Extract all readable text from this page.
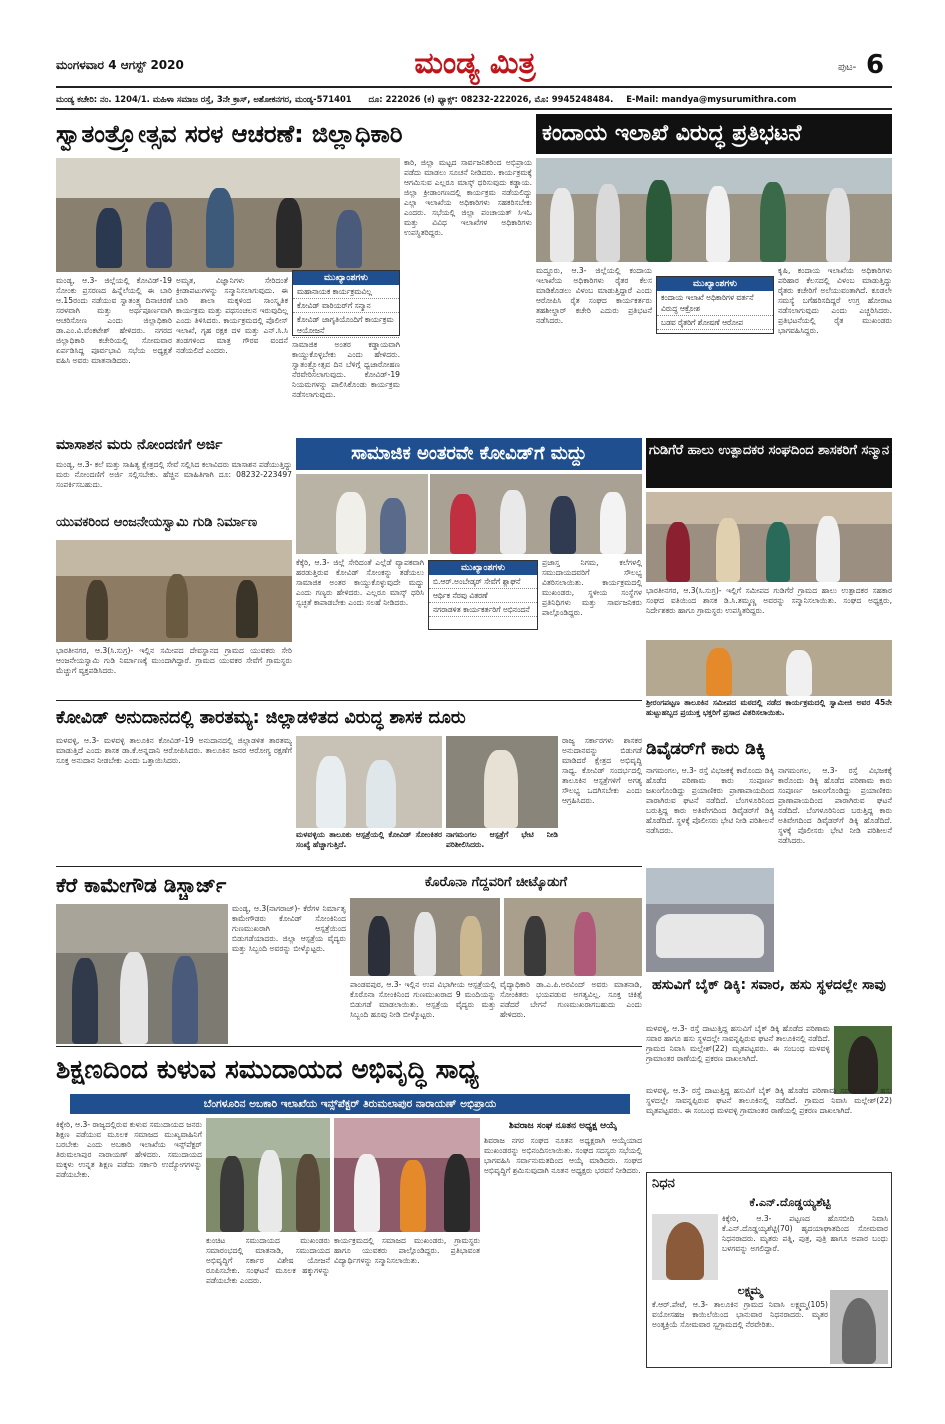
ಮಂಗಳವಾರ 4 ಆಗಸ್ಟ್ 2020	ಮಂಡ್ಯ ಮಿತ್ರ	ಪುಟ- 6
ಮಂಡ್ಯ ಕಚೇರಿ: ನಂ. 1204/1. ಮಹಿಳಾ ಸಮಾಜ ರಸ್ತೆ, 3ನೇ ಕ್ರಾಸ್, ಅಶೋಕನಗರ, ಮಂಡ್ಯ-571401 ದೂ: 222026 (ಕ) ಫ್ಯಾಕ್ಸ್: 08232-222026, ಮೊ: 9945248484. E-Mail: mandya@mysurumithra.com
ಸ್ವಾತಂತ್ರ್ಯೋತ್ಸವ ಸರಳ ಆಚರಣೆ: ಜಿಲ್ಲಾಧಿಕಾರಿ
ಮಂಡ್ಯ, ಆ.3- ಜಿಲ್ಲೆಯಲ್ಲಿ ಕೋವಿಡ್-19 ಸೋಂಕು ಪ್ರಸರಣದ ಹಿನ್ನೆಲೆಯಲ್ಲಿ ಈ ಬಾರಿ ಆ.15ರಂದು ನಡೆಯುವ ಸ್ವಾತಂತ್ರ್ಯ ದಿನಾಚರಣೆ ಸರಳವಾಗಿ ಮತ್ತು ಅರ್ಥಪೂರ್ಣವಾಗಿ ಆಚರಿಸೋಣ ಎಂದು ಜಿಲ್ಲಾಧಿಕಾರಿ ಡಾ.ಎಂ.ವಿ.ವೆಂಕಟೇಶ್ ಹೇಳಿದರು. ನಗರದ ಜಿಲ್ಲಾಧಿಕಾರಿ ಕಚೇರಿಯಲ್ಲಿ ಸೋಮವಾರ ಏರ್ಪಡಿಸಿದ್ದ ಪೂರ್ವಭಾವಿ ಸಭೆಯ ಅಧ್ಯಕ್ಷತೆ ವಹಿಸಿ ಅವರು ಮಾತನಾಡಿದರು.
ಅಮೃತ, ವಿಜ್ಞಾನಿಗಳು ಸೇರಿದಂತೆ ಕ್ರೀಡಾಪಟುಗಳನ್ನು ಸನ್ಮಾನಿಸಲಾಗುವುದು. ಈ ಬಾರಿ ಶಾಲಾ ಮಕ್ಕಳಿಂದ ಸಾಂಸ್ಕೃತಿಕ ಕಾರ್ಯಕ್ರಮ ಮತ್ತು ಪಥಸಂಚಲನ ಇರುವುದಿಲ್ಲ ಎಂದು ತಿಳಿಸಿದರು. ಕಾರ್ಯಕ್ರಮದಲ್ಲಿ ಪೊಲೀಸ್ ಇಲಾಖೆ, ಗೃಹ ರಕ್ಷಕ ದಳ ಮತ್ತು ಎನ್.ಸಿ.ಸಿ ತಂಡಗಳಿಂದ ಮಾತ್ರ ಗೌರವ ವಂದನೆ ನಡೆಯಲಿದೆ ಎಂದರು.
ಮುಖ್ಯಾಂಶಗಳು
ಮಹಾನಾಯಕ ಕಾರ್ಯಕ್ರಮವಿಲ್ಲ
ಕೋವಿಡ್ ವಾರಿಯರ್‌ಗೆ ಸನ್ಮಾನ
ಕೋವಿಡ್ ಜಾಗೃತಿಯೊಂದಿಗೆ ಕಾರ್ಯಕ್ರಮ ಆಯೋಜನೆ
ಸಾಮಾಜಿಕ ಅಂತರ ಕಡ್ಡಾಯವಾಗಿ ಕಾಯ್ದುಕೊಳ್ಳಬೇಕು ಎಂದು ಹೇಳಿದರು. ಸ್ವಾತಂತ್ರ್ಯೋತ್ಸವ ದಿನ ಬೆಳಿಗ್ಗೆ ಧ್ವಜಾರೋಹಣ ನೆರವೇರಿಸಲಾಗುವುದು. ಕೋವಿಡ್-19 ನಿಯಮಗಳನ್ನು ಪಾಲಿಸಿಕೊಂಡು ಕಾರ್ಯಕ್ರಮ ನಡೆಸಲಾಗುವುದು.
ಕಾರಿ, ಜಿಲ್ಲಾ ಮಟ್ಟದ ಸಾರ್ವಜನಿಕರಿಂದ ಅಭಿಪ್ರಾಯ ಪಡೆದು ಮಾಡಲು ಸೂಚನೆ ನೀಡಿದರು. ಕಾರ್ಯಕ್ರಮಕ್ಕೆ ಆಗಮಿಸುವ ಎಲ್ಲರೂ ಮಾಸ್ಕ್ ಧರಿಸುವುದು ಕಡ್ಡಾಯ. ಜಿಲ್ಲಾ ಕ್ರೀಡಾಂಗಣದಲ್ಲಿ ಕಾರ್ಯಕ್ರಮ ನಡೆಯಲಿದ್ದು ಎಲ್ಲಾ ಇಲಾಖೆಯ ಅಧಿಕಾರಿಗಳು ಸಹಕರಿಸಬೇಕು ಎಂದರು. ಸಭೆಯಲ್ಲಿ ಜಿಲ್ಲಾ ಪಂಚಾಯತ್ ಸಿಇಓ ಮತ್ತು ವಿವಿಧ ಇಲಾಖೆಗಳ ಅಧಿಕಾರಿಗಳು ಉಪಸ್ಥಿತರಿದ್ದರು.
ಕಂದಾಯ ಇಲಾಖೆ ವಿರುದ್ಧ ಪ್ರತಿಭಟನೆ
ಮದ್ದೂರು, ಆ.3- ಜಿಲ್ಲೆಯಲ್ಲಿ ಕಂದಾಯ ಇಲಾಖೆಯ ಅಧಿಕಾರಿಗಳು ರೈತರ ಕೆಲಸ ಮಾಡಿಕೊಡಲು ವಿಳಂಬ ಮಾಡುತ್ತಿದ್ದಾರೆ ಎಂದು ಆರೋಪಿಸಿ ರೈತ ಸಂಘದ ಕಾರ್ಯಕರ್ತರು ತಹಶೀಲ್ದಾರ್ ಕಚೇರಿ ಎದುರು ಪ್ರತಿಭಟನೆ ನಡೆಸಿದರು.
ಮುಖ್ಯಾಂಶಗಳು
ಕಂದಾಯ ಇಲಾಖೆ ಅಧಿಕಾರಿಗಳ ವರ್ತನೆ ವಿರುದ್ಧ ಆಕ್ರೋಶ
ಬಡವ ರೈತರಿಗೆ ಶೋಷಣೆ ಆರೋಪ
ಕೃಷಿ, ಕಂದಾಯ ಇಲಾಖೆಯ ಅಧಿಕಾರಿಗಳು ಪರಿಹಾರ ಕೆಲಸದಲ್ಲಿ ವಿಳಂಬ ಮಾಡುತ್ತಿದ್ದು ರೈತರು ಕಚೇರಿಗೆ ಅಲೆಯುವಂತಾಗಿದೆ. ಕೂಡಲೇ ಸಮಸ್ಯೆ ಬಗೆಹರಿಸದಿದ್ದರೆ ಉಗ್ರ ಹೋರಾಟ ನಡೆಸಲಾಗುವುದು ಎಂದು ಎಚ್ಚರಿಸಿದರು. ಪ್ರತಿಭಟನೆಯಲ್ಲಿ ರೈತ ಮುಖಂಡರು ಭಾಗವಹಿಸಿದ್ದರು.
ಮಾಸಾಶನ ಮರು ನೋಂದಣಿಗೆ ಅರ್ಜಿ
ಮಂಡ್ಯ, ಆ.3- ಕಲೆ ಮತ್ತು ಸಾಹಿತ್ಯ ಕ್ಷೇತ್ರದಲ್ಲಿ ಸೇವೆ ಸಲ್ಲಿಸಿದ ಕಲಾವಿದರು ಮಾಸಾಶನ ಪಡೆಯುತ್ತಿದ್ದು ಮರು ನೋಂದಣಿಗೆ ಅರ್ಜಿ ಸಲ್ಲಿಸಬೇಕು. ಹೆಚ್ಚಿನ ಮಾಹಿತಿಗಾಗಿ ದೂ: 08232-223497 ಸಂಪರ್ಕಿಸಬಹುದು.
ಯುವಕರಿಂದ ಆಂಜನೇಯಸ್ವಾಮಿ ಗುಡಿ ನಿರ್ಮಾಣ
ಭಾರತೀನಗರ, ಆ.3(ಸಿ.ಸುಗ್ರ)- ಇಲ್ಲಿನ ಸಮೀಪದ ದೇವಸ್ಥಾನದ ಗ್ರಾಮದ ಯುವಕರು ಸೇರಿ ಆಂಜನೇಯಸ್ವಾಮಿ ಗುಡಿ ನಿರ್ಮಾಣಕ್ಕೆ ಮುಂದಾಗಿದ್ದಾರೆ. ಗ್ರಾಮದ ಯುವಕರ ಸೇವೆಗೆ ಗ್ರಾಮಸ್ಥರು ಮೆಚ್ಚುಗೆ ವ್ಯಕ್ತಪಡಿಸಿದರು.
ಸಾಮಾಜಿಕ ಅಂತರವೇ ಕೋವಿಡ್‌ಗೆ ಮದ್ದು
ಕೆಕ್ಕೆರಿ, ಆ.3- ಜಿಲ್ಲೆ ಸೇರಿದಂತೆ ಎಲ್ಲೆಡೆ ವ್ಯಾಪಕವಾಗಿ ಹರಡುತ್ತಿರುವ ಕೋವಿಡ್ ಸೋಂಕನ್ನು ತಡೆಯಲು ಸಾಮಾಜಿಕ ಅಂತರ ಕಾಯ್ದುಕೊಳ್ಳುವುದೇ ಮದ್ದು ಎಂದು ಗಣ್ಯರು ಹೇಳಿದರು. ಎಲ್ಲರೂ ಮಾಸ್ಕ್ ಧರಿಸಿ ಸ್ವಚ್ಛತೆ ಕಾಪಾಡಬೇಕು ಎಂದು ಸಲಹೆ ನೀಡಿದರು.
ಮುಖ್ಯಾಂಶಗಳು
ಬಿ.ಆರ್.ಅಂಬೇಡ್ಕರ್ ಸೇವೆಗೆ ಶ್ಲಾಘನೆ
ಆರ್ಥಿಕ ನೆರವು ವಿತರಣೆ
ನಗರಾಡಳಿತ ಕಾರ್ಯಕರ್ತರಿಗೆ ಅಭಿನಂದನೆ
ಪ್ರಜಾಸ್ತ ನಿಗಮ, ಕಲೆಗಳಲ್ಲಿ ಸಮುದಾಯದವರಿಗೆ ಸೌಲಭ್ಯ ವಿತರಿಸಲಾಯಿತು. ಕಾರ್ಯಕ್ರಮದಲ್ಲಿ ಮುಖಂಡರು, ಸ್ಥಳೀಯ ಸಂಸ್ಥೆಗಳ ಪ್ರತಿನಿಧಿಗಳು ಮತ್ತು ಸಾರ್ವಜನಿಕರು ಪಾಲ್ಗೊಂಡಿದ್ದರು.
ಗುಡಿಗೆರೆ ಹಾಲು ಉತ್ಪಾದಕರ ಸಂಘದಿಂದ ಶಾಸಕರಿಗೆ ಸನ್ಮಾನ
ಭಾರತೀನಗರ, ಆ.3(ಸಿ.ಸುಗ್ರ)- ಇಲ್ಲಿಗೆ ಸಮೀಪದ ಗುಡಿಗೆರೆ ಗ್ರಾಮದ ಹಾಲು ಉತ್ಪಾದಕರ ಸಹಕಾರ ಸಂಘದ ವತಿಯಿಂದ ಶಾಸಕ ಡಿ.ಸಿ.ತಮ್ಮಣ್ಣ ಅವರನ್ನು ಸನ್ಮಾನಿಸಲಾಯಿತು. ಸಂಘದ ಅಧ್ಯಕ್ಷರು, ನಿರ್ದೇಶಕರು ಹಾಗೂ ಗ್ರಾಮಸ್ಥರು ಉಪಸ್ಥಿತರಿದ್ದರು.
ಶ್ರೀರಂಗಪಟ್ಟಣ ತಾಲೂಕಿನ ಸಮೀಪದ ಮಠದಲ್ಲಿ ನಡೆದ ಕಾರ್ಯಕ್ರಮದಲ್ಲಿ ಸ್ವಾಮೀಜಿ ಅವರ 45ನೇ ಹುಟ್ಟುಹಬ್ಬದ ಪ್ರಯುಕ್ತ ಭಕ್ತರಿಗೆ ಪ್ರಸಾದ ವಿತರಿಸಲಾಯಿತು.
ಕೋವಿಡ್ ಅನುದಾನದಲ್ಲಿ ತಾರತಮ್ಯ: ಜಿಲ್ಲಾಡಳಿತದ ವಿರುದ್ಧ ಶಾಸಕ ದೂರು
ಮಳವಳ್ಳಿ, ಆ.3- ಮಳವಳ್ಳಿ ತಾಲೂಕಿನ ಕೋವಿಡ್-19 ಅನುದಾನದಲ್ಲಿ ಜಿಲ್ಲಾಡಳಿತ ತಾರತಮ್ಯ ಮಾಡುತ್ತಿದೆ ಎಂದು ಶಾಸಕ ಡಾ.ಕೆ.ಅನ್ನದಾನಿ ಆರೋಪಿಸಿದರು. ತಾಲೂಕಿನ ಜನರ ಆರೋಗ್ಯ ರಕ್ಷಣೆಗೆ ಸೂಕ್ತ ಅನುದಾನ ನೀಡಬೇಕು ಎಂದು ಒತ್ತಾಯಿಸಿದರು.
ಮಳವಳ್ಳಿಯ ತಾಲೂಕು ಆಸ್ಪತ್ರೆಯಲ್ಲಿ ಕೋವಿಡ್ ಸೋಂಕಿತರ ಸಂಖ್ಯೆ ಹೆಚ್ಚಾಗುತ್ತಿದೆ.
ನಾಗಮಂಗಲ ಆಸ್ಪತ್ರೆಗೆ ಭೇಟಿ ನೀಡಿ ಪರಿಶೀಲಿಸಿದರು.
ರಾಜ್ಯ ಸರ್ಕಾರಗಳು ಶಾಸಕರ ಅನುದಾನವನ್ನು ಬಿಡುಗಡೆ ಮಾಡಿದರೆ ಕ್ಷೇತ್ರದ ಅಭಿವೃದ್ಧಿ ಸಾಧ್ಯ. ಕೋವಿಡ್ ಸಂದರ್ಭದಲ್ಲಿ ತಾಲೂಕಿನ ಆಸ್ಪತ್ರೆಗಳಿಗೆ ಅಗತ್ಯ ಸೌಲಭ್ಯ ಒದಗಿಸಬೇಕು ಎಂದು ಆಗ್ರಹಿಸಿದರು.
ಡಿವೈಡರ್‌ಗೆ ಕಾರು ಡಿಕ್ಕಿ
ನಾಗಮಂಗಲ, ಆ.3- ರಸ್ತೆ ವಿಭಜಕಕ್ಕೆ ಕಾರೊಂದು ಡಿಕ್ಕಿ ಹೊಡೆದ ಪರಿಣಾಮ ಕಾರು ಸಂಪೂರ್ಣ ಜಖಂಗೊಂಡಿದ್ದು ಪ್ರಯಾಣಿಕರು ಪ್ರಾಣಾಪಾಯದಿಂದ ಪಾರಾಗಿರುವ ಘಟನೆ ನಡೆದಿದೆ. ಬೆಂಗಳೂರಿನಿಂದ ಬರುತ್ತಿದ್ದ ಕಾರು ಅತಿವೇಗದಿಂದ ಡಿವೈಡರ್‌ಗೆ ಡಿಕ್ಕಿ ಹೊಡೆದಿದೆ. ಸ್ಥಳಕ್ಕೆ ಪೊಲೀಸರು ಭೇಟಿ ನೀಡಿ ಪರಿಶೀಲನೆ ನಡೆಸಿದರು.
ನಾಗಮಂಗಲ, ಆ.3- ರಸ್ತೆ ವಿಭಜಕಕ್ಕೆ ಕಾರೊಂದು ಡಿಕ್ಕಿ ಹೊಡೆದ ಪರಿಣಾಮ ಕಾರು ಸಂಪೂರ್ಣ ಜಖಂಗೊಂಡಿದ್ದು ಪ್ರಯಾಣಿಕರು ಪ್ರಾಣಾಪಾಯದಿಂದ ಪಾರಾಗಿರುವ ಘಟನೆ ನಡೆದಿದೆ. ಬೆಂಗಳೂರಿನಿಂದ ಬರುತ್ತಿದ್ದ ಕಾರು ಅತಿವೇಗದಿಂದ ಡಿವೈಡರ್‌ಗೆ ಡಿಕ್ಕಿ ಹೊಡೆದಿದೆ. ಸ್ಥಳಕ್ಕೆ ಪೊಲೀಸರು ಭೇಟಿ ನೀಡಿ ಪರಿಶೀಲನೆ ನಡೆಸಿದರು.
ಕೆರೆ ಕಾಮೇಗೌಡ ಡಿಸ್ಚಾರ್ಜ್
ಮಂಡ್ಯ, ಆ.3(ನಾಗರಾಜ್)- ಕೆರೆಗಳ ನಿರ್ಮಾತೃ ಕಾಮೇಗೌಡರು ಕೋವಿಡ್ ಸೋಂಕಿನಿಂದ ಗುಣಮುಖರಾಗಿ ಆಸ್ಪತ್ರೆಯಿಂದ ಬಿಡುಗಡೆಯಾದರು. ಜಿಲ್ಲಾ ಆಸ್ಪತ್ರೆಯ ವೈದ್ಯರು ಮತ್ತು ಸಿಬ್ಬಂದಿ ಅವರನ್ನು ಬೀಳ್ಕೊಟ್ಟರು.
ಕೊರೊನಾ ಗೆದ್ದವರಿಗೆ ಚೀಟ್ಕೊಡುಗೆ
ಪಾಂಡವಪುರ, ಆ.3- ಇಲ್ಲಿನ ಉಪ ವಿಭಾಗೀಯ ಆಸ್ಪತ್ರೆಯಲ್ಲಿ ಕೊರೊನಾ ಸೋಂಕಿನಿಂದ ಗುಣಮುಖರಾದ 9 ಮಂದಿಯನ್ನು ಬಿಡುಗಡೆ ಮಾಡಲಾಯಿತು. ಆಸ್ಪತ್ರೆಯ ವೈದ್ಯರು ಮತ್ತು ಸಿಬ್ಬಂದಿ ಹೂವು ನೀಡಿ ಬೀಳ್ಕೊಟ್ಟರು.
ವೈದ್ಯಾಧಿಕಾರಿ ಡಾ.ಎ.ಪಿ.ಅರವಿಂದ್ ಅವರು ಮಾತನಾಡಿ, ಸೋಂಕಿತರು ಭಯಪಡುವ ಅಗತ್ಯವಿಲ್ಲ. ಸೂಕ್ತ ಚಿಕಿತ್ಸೆ ಪಡೆದರೆ ಬೇಗನೆ ಗುಣಮುಖರಾಗಬಹುದು ಎಂದು ಹೇಳಿದರು.
ಹಸುವಿಗೆ ಬೈಕ್ ಡಿಕ್ಕಿ: ಸವಾರ, ಹಸು ಸ್ಥಳದಲ್ಲೇ ಸಾವು
ಮಳವಳ್ಳಿ, ಆ.3- ರಸ್ತೆ ದಾಟುತ್ತಿದ್ದ ಹಸುವಿಗೆ ಬೈಕ್ ಡಿಕ್ಕಿ ಹೊಡೆದ ಪರಿಣಾಮ ಸವಾರ ಹಾಗೂ ಹಸು ಸ್ಥಳದಲ್ಲೇ ಸಾವನ್ನಪ್ಪಿರುವ ಘಟನೆ ತಾಲೂಕಿನಲ್ಲಿ ನಡೆದಿದೆ. ಗ್ರಾಮದ ನಿವಾಸಿ ಮಲ್ಲೇಶ್(22) ಮೃತಪಟ್ಟವರು. ಈ ಸಂಬಂಧ ಮಳವಳ್ಳಿ ಗ್ರಾಮಾಂತರ ಠಾಣೆಯಲ್ಲಿ ಪ್ರಕರಣ ದಾಖಲಾಗಿದೆ.
ಮಳವಳ್ಳಿ, ಆ.3- ರಸ್ತೆ ದಾಟುತ್ತಿದ್ದ ಹಸುವಿಗೆ ಬೈಕ್ ಡಿಕ್ಕಿ ಹೊಡೆದ ಪರಿಣಾಮ ಸವಾರ ಹಾಗೂ ಹಸು ಸ್ಥಳದಲ್ಲೇ ಸಾವನ್ನಪ್ಪಿರುವ ಘಟನೆ ತಾಲೂಕಿನಲ್ಲಿ ನಡೆದಿದೆ. ಗ್ರಾಮದ ನಿವಾಸಿ ಮಲ್ಲೇಶ್(22) ಮೃತಪಟ್ಟವರು. ಈ ಸಂಬಂಧ ಮಳವಳ್ಳಿ ಗ್ರಾಮಾಂತರ ಠಾಣೆಯಲ್ಲಿ ಪ್ರಕರಣ ದಾಖಲಾಗಿದೆ.
ಶಿಕ್ಷಣದಿಂದ ಕುಳುವ ಸಮುದಾಯದ ಅಭಿವೃದ್ಧಿ ಸಾಧ್ಯ
ಬೆಂಗಳೂರಿನ ಅಬಕಾರಿ ಇಲಾಖೆಯ ಇನ್ಸ್‌ಪೆಕ್ಟರ್ ತಿರುಮಲಾಪುರ ನಾರಾಯಣ್ ಅಭಿಪ್ರಾಯ
ಕಿಕ್ಕೇರಿ, ಆ.3- ರಾಜ್ಯದಲ್ಲಿರುವ ಕುಳುವ ಸಮುದಾಯದ ಜನರು ಶಿಕ್ಷಣ ಪಡೆಯುವ ಮೂಲಕ ಸಮಾಜದ ಮುಖ್ಯವಾಹಿನಿಗೆ ಬರಬೇಕು ಎಂದು ಅಬಕಾರಿ ಇಲಾಖೆಯ ಇನ್ಸ್‌ಪೆಕ್ಟರ್ ತಿರುಮಲಾಪುರ ನಾರಾಯಣ್ ಹೇಳಿದರು. ಸಮುದಾಯದ ಮಕ್ಕಳು ಉನ್ನತ ಶಿಕ್ಷಣ ಪಡೆದು ಸರ್ಕಾರಿ ಉದ್ಯೋಗಗಳನ್ನು ಪಡೆಯಬೇಕು.
ಕುಂಚಿಟ ಸಮುದಾಯದ ಮುಖಂಡರು ಸಮಾರಂಭದಲ್ಲಿ ಮಾತನಾಡಿ, ಸಮುದಾಯದ ಅಭಿವೃದ್ಧಿಗೆ ಸರ್ಕಾರ ವಿಶೇಷ ಯೋಜನೆ ರೂಪಿಸಬೇಕು. ಸಂಘಟನೆ ಮೂಲಕ ಹಕ್ಕುಗಳನ್ನು ಪಡೆಯಬೇಕು ಎಂದರು.
ಕಾರ್ಯಕ್ರಮದಲ್ಲಿ ಸಮಾಜದ ಮುಖಂಡರು, ಗ್ರಾಮಸ್ಥರು ಹಾಗೂ ಯುವಕರು ಪಾಲ್ಗೊಂಡಿದ್ದರು. ಪ್ರತಿಭಾವಂತ ವಿದ್ಯಾರ್ಥಿಗಳನ್ನು ಸನ್ಮಾನಿಸಲಾಯಿತು.
ಶಿವರಾಜ ಸಂಘ ನೂತನ ಅಧ್ಯಕ್ಷ ಆಯ್ಕೆ
ಶಿವರಾಜ ನಗರ ಸಂಘದ ನೂತನ ಅಧ್ಯಕ್ಷರಾಗಿ ಆಯ್ಕೆಯಾದ ಮುಖಂಡರನ್ನು ಅಭಿನಂದಿಸಲಾಯಿತು. ಸಂಘದ ಸದಸ್ಯರು ಸಭೆಯಲ್ಲಿ ಭಾಗವಹಿಸಿ ಸರ್ವಾನುಮತದಿಂದ ಆಯ್ಕೆ ಮಾಡಿದರು. ಸಂಘದ ಅಭಿವೃದ್ಧಿಗೆ ಶ್ರಮಿಸುವುದಾಗಿ ನೂತನ ಅಧ್ಯಕ್ಷರು ಭರವಸೆ ನೀಡಿದರು.
ನಿಧನ
ಕೆ.ಎನ್.ದೊಡ್ಡಯ್ಯಶೆಟ್ಟಿ
ಕಿಕ್ಕೇರಿ, ಆ.3- ಪಟ್ಟಣದ ಹೊಸಬೀದಿ ನಿವಾಸಿ ಕೆ.ಎನ್.ದೊಡ್ಡಯ್ಯಶೆಟ್ಟಿ(70) ಹೃದಯಾಘಾತದಿಂದ ಸೋಮವಾರ ನಿಧನರಾದರು. ಮೃತರು ಪತ್ನಿ, ಪುತ್ರ, ಪುತ್ರಿ ಹಾಗೂ ಅಪಾರ ಬಂಧು ಬಳಗವನ್ನು ಅಗಲಿದ್ದಾರೆ.
ಲಕ್ಷ್ಮಮ್ಮ
ಕೆ.ಆರ್.ಪೇಟೆ, ಆ.3- ತಾಲೂಕಿನ ಗ್ರಾಮದ ನಿವಾಸಿ ಲಕ್ಷ್ಮಮ್ಮ(105) ವಯೋಸಹಜ ಕಾಯಿಲೆಯಿಂದ ಭಾನುವಾರ ನಿಧನರಾದರು. ಮೃತರ ಅಂತ್ಯಕ್ರಿಯೆ ಸೋಮವಾರ ಸ್ವಗ್ರಾಮದಲ್ಲಿ ನೆರವೇರಿತು.
